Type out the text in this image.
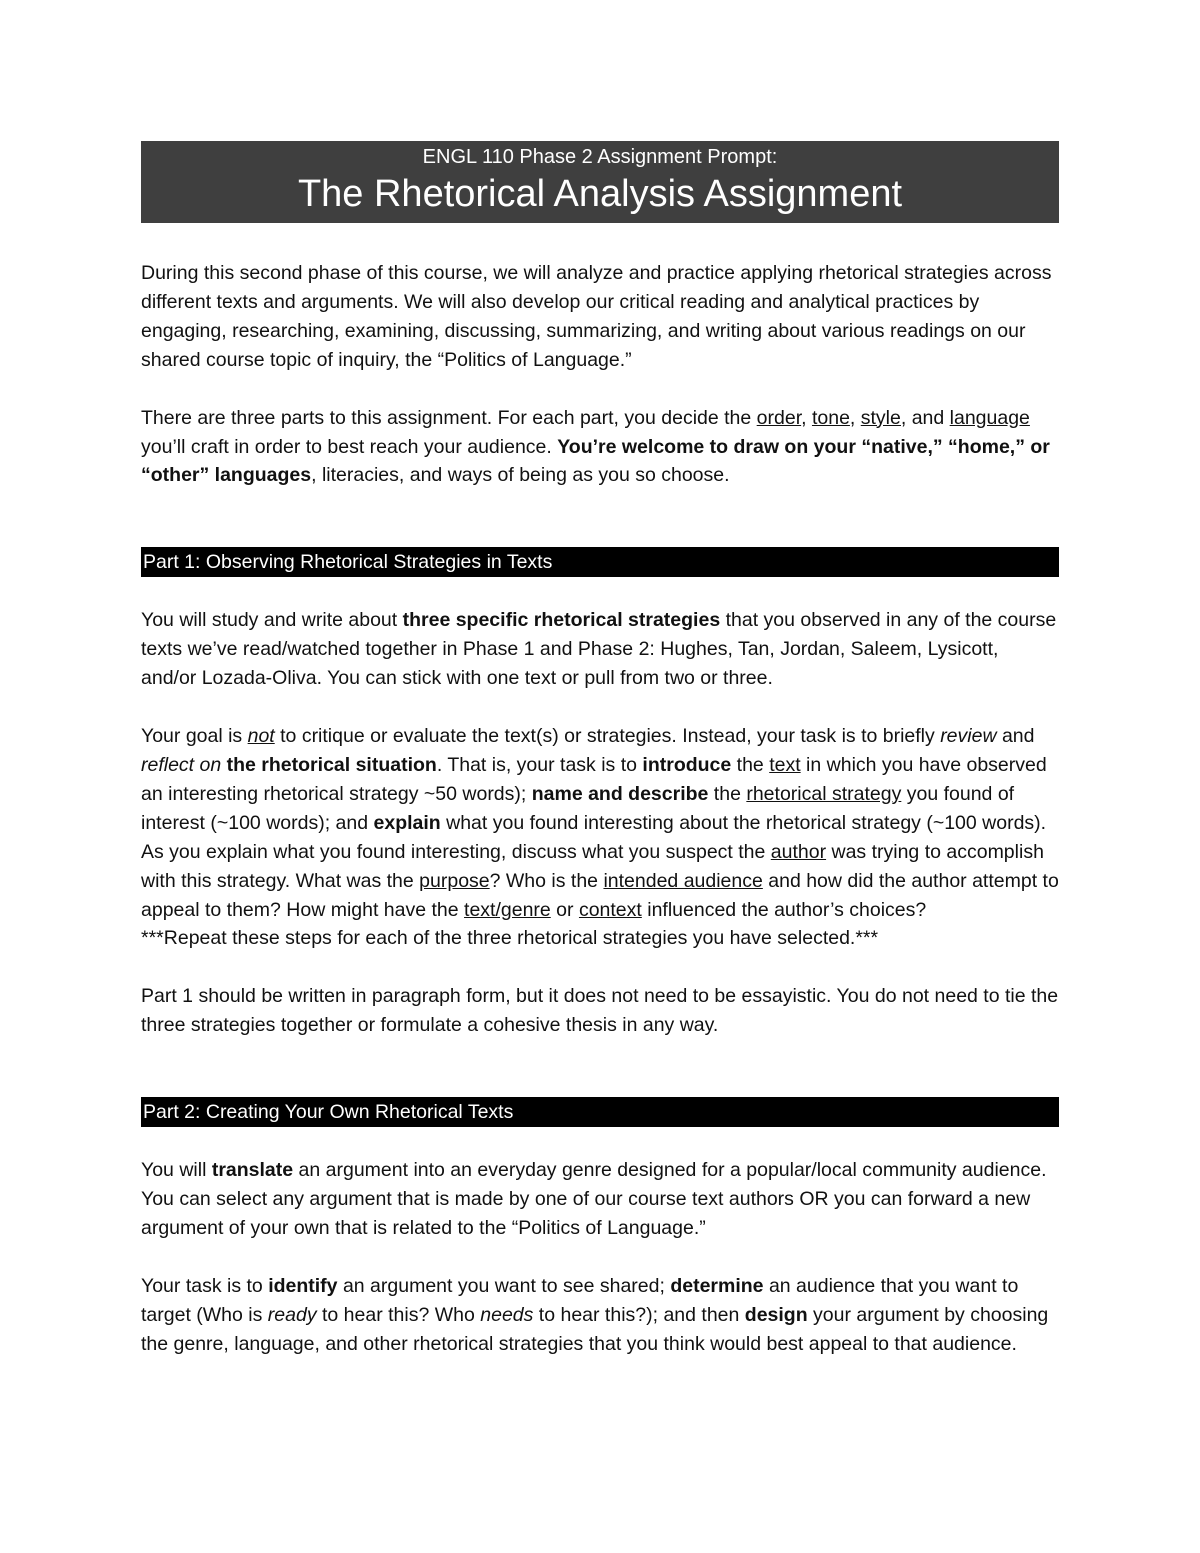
ENGL 110 Phase 2 Assignment Prompt:
The Rhetorical Analysis Assignment

During this second phase of this course, we will analyze and practice applying rhetorical strategies across different texts and arguments. We will also develop our critical reading and analytical practices by engaging, researching, examining, discussing, summarizing, and writing about various readings on our shared course topic of inquiry, the “Politics of Language.”

There are three parts to this assignment. For each part, you decide the order, tone, style, and language you’ll craft in order to best reach your audience. You’re welcome to draw on your “native,” “home,” or “other” languages, literacies, and ways of being as you so choose.

Part 1: Observing Rhetorical Strategies in Texts

You will study and write about three specific rhetorical strategies that you observed in any of the course texts we’ve read/watched together in Phase 1 and Phase 2: Hughes, Tan, Jordan, Saleem, Lysicott, and/or Lozada-Oliva. You can stick with one text or pull from two or three.

Your goal is not to critique or evaluate the text(s) or strategies. Instead, your task is to briefly review and reflect on the rhetorical situation. That is, your task is to introduce the text in which you have observed an interesting rhetorical strategy ~50 words); name and describe the rhetorical strategy you found of interest (~100 words); and explain what you found interesting about the rhetorical strategy (~100 words). As you explain what you found interesting, discuss what you suspect the author was trying to accomplish with this strategy. What was the purpose? Who is the intended audience and how did the author attempt to appeal to them? How might have the text/genre or context influenced the author’s choices?
***Repeat these steps for each of the three rhetorical strategies you have selected.***

Part 1 should be written in paragraph form, but it does not need to be essayistic. You do not need to tie the three strategies together or formulate a cohesive thesis in any way.

Part 2: Creating Your Own Rhetorical Texts

You will translate an argument into an everyday genre designed for a popular/local community audience. You can select any argument that is made by one of our course text authors OR you can forward a new argument of your own that is related to the “Politics of Language.”

Your task is to identify an argument you want to see shared; determine an audience that you want to target (Who is ready to hear this? Who needs to hear this?); and then design your argument by choosing the genre, language, and other rhetorical strategies that you think would best appeal to that audience.
